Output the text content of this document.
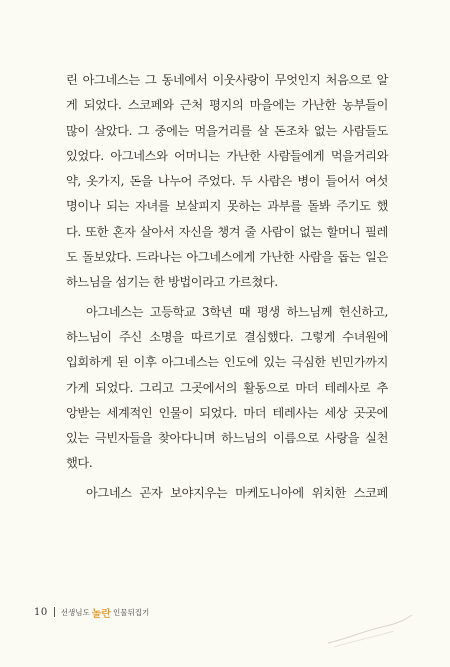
린 아그네스는 그 동네에서 이웃사랑이 무엇인지 처음으로 알
게 되었다. 스코페와 근처 평지의 마을에는 가난한 농부들이
많이 살았다. 그 중에는 먹을거리를 살 돈조차 없는 사람들도
있었다. 아그네스와 어머니는 가난한 사람들에게 먹을거리와
약, 옷가지, 돈을 나누어 주었다. 두 사람은 병이 들어서 여섯
명이나 되는 자녀를 보살피지 못하는 과부를 돌봐 주기도 했
다. 또한 혼자 살아서 자신을 챙겨 줄 사람이 없는 할머니 필레
도 돌보았다. 드라나는 아그네스에게 가난한 사람을 돕는 일은
하느님을 섬기는 한 방법이라고 가르쳤다.
아그네스는 고등학교 3학년 때 평생 하느님께 헌신하고,
하느님이 주신 소명을 따르기로 결심했다. 그렇게 수녀원에
입회하게 된 이후 아그네스는 인도에 있는 극심한 빈민가까지
가게 되었다. 그리고 그곳에서의 활동으로 마더 테레사로 추
앙받는 세계적인 인물이 되었다. 마더 테레사는 세상 곳곳에
있는 극빈자들을 찾아다니며 하느님의 이름으로 사랑을 실천
했다.
아그네스 곤자 보야지우는 마케도니아에 위치한 스코페
10 선생님도 놀란 인물뒤집기
